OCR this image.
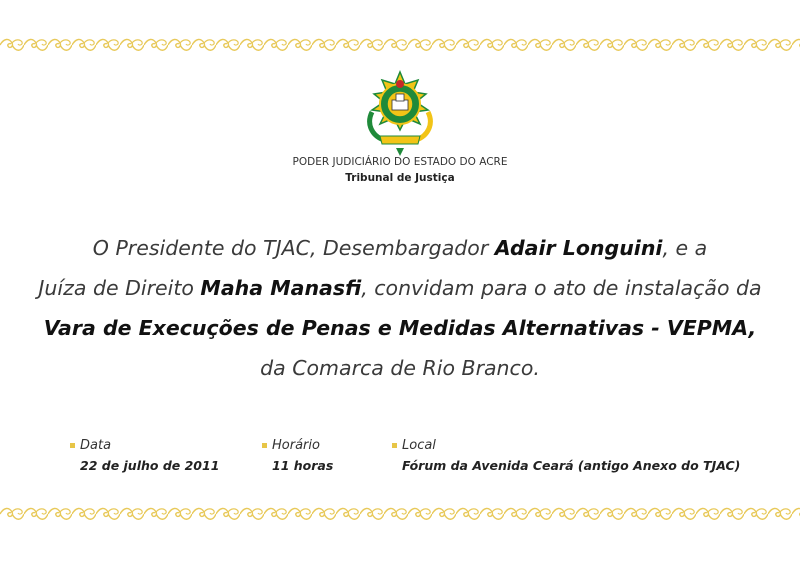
PODER JUDICIÁRIO DO ESTADO DO ACRE
Tribunal de Justiça
O Presidente do TJAC, Desembargador Adair Longuini, e a
Juíza de Direito Maha Manasfi, convidam para o ato de instalação da
Vara de Execuções de Penas e Medidas Alternativas - VEPMA,
da Comarca de Rio Branco.
Data
22 de julho de 2011
Horário
11 horas
Local
Fórum da Avenida Ceará (antigo Anexo do TJAC)
